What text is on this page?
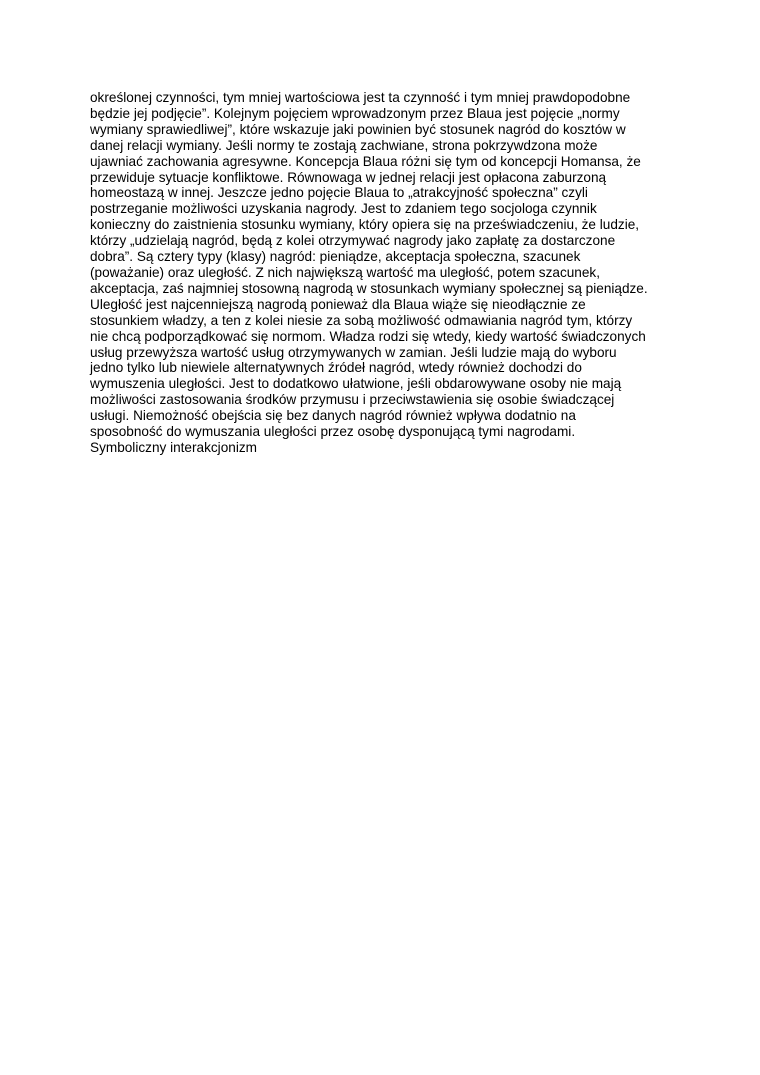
określonej czynności, tym mniej wartościowa jest ta czynność i tym mniej prawdopodobne
będzie jej podjęcie”. Kolejnym pojęciem wprowadzonym przez Blaua jest pojęcie „normy
wymiany sprawiedliwej”, które wskazuje jaki powinien być stosunek nagród do kosztów w
danej relacji wymiany. Jeśli normy te zostają zachwiane, strona pokrzywdzona może
ujawniać zachowania agresywne. Koncepcja Blaua różni się tym od koncepcji Homansa, że
przewiduje sytuacje konfliktowe. Równowaga w jednej relacji jest opłacona zaburzoną
homeostazą w innej. Jeszcze jedno pojęcie Blaua to „atrakcyjność społeczna” czyli
postrzeganie możliwości uzyskania nagrody. Jest to zdaniem tego socjologa czynnik
konieczny do zaistnienia stosunku wymiany, który opiera się na przeświadczeniu, że ludzie,
którzy „udzielają nagród, będą z kolei otrzymywać nagrody jako zapłatę za dostarczone
dobra”. Są cztery typy (klasy) nagród: pieniądze, akceptacja społeczna, szacunek
(poważanie) oraz uległość. Z nich największą wartość ma uległość, potem szacunek,
akceptacja, zaś najmniej stosowną nagrodą w stosunkach wymiany społecznej są pieniądze.
Uległość jest najcenniejszą nagrodą ponieważ dla Blaua wiąże się nieodłącznie ze
stosunkiem władzy, a ten z kolei niesie za sobą możliwość odmawiania nagród tym, którzy
nie chcą podporządkować się normom. Władza rodzi się wtedy, kiedy wartość świadczonych
usług przewyższa wartość usług otrzymywanych w zamian. Jeśli ludzie mają do wyboru
jedno tylko lub niewiele alternatywnych źródeł nagród, wtedy również dochodzi do
wymuszenia uległości. Jest to dodatkowo ułatwione, jeśli obdarowywane osoby nie mają
możliwości zastosowania środków przymusu i przeciwstawienia się osobie świadczącej
usługi. Niemożność obejścia się bez danych nagród również wpływa dodatnio na
sposobność do wymuszania uległości przez osobę dysponującą tymi nagrodami.
Symboliczny interakcjonizm
